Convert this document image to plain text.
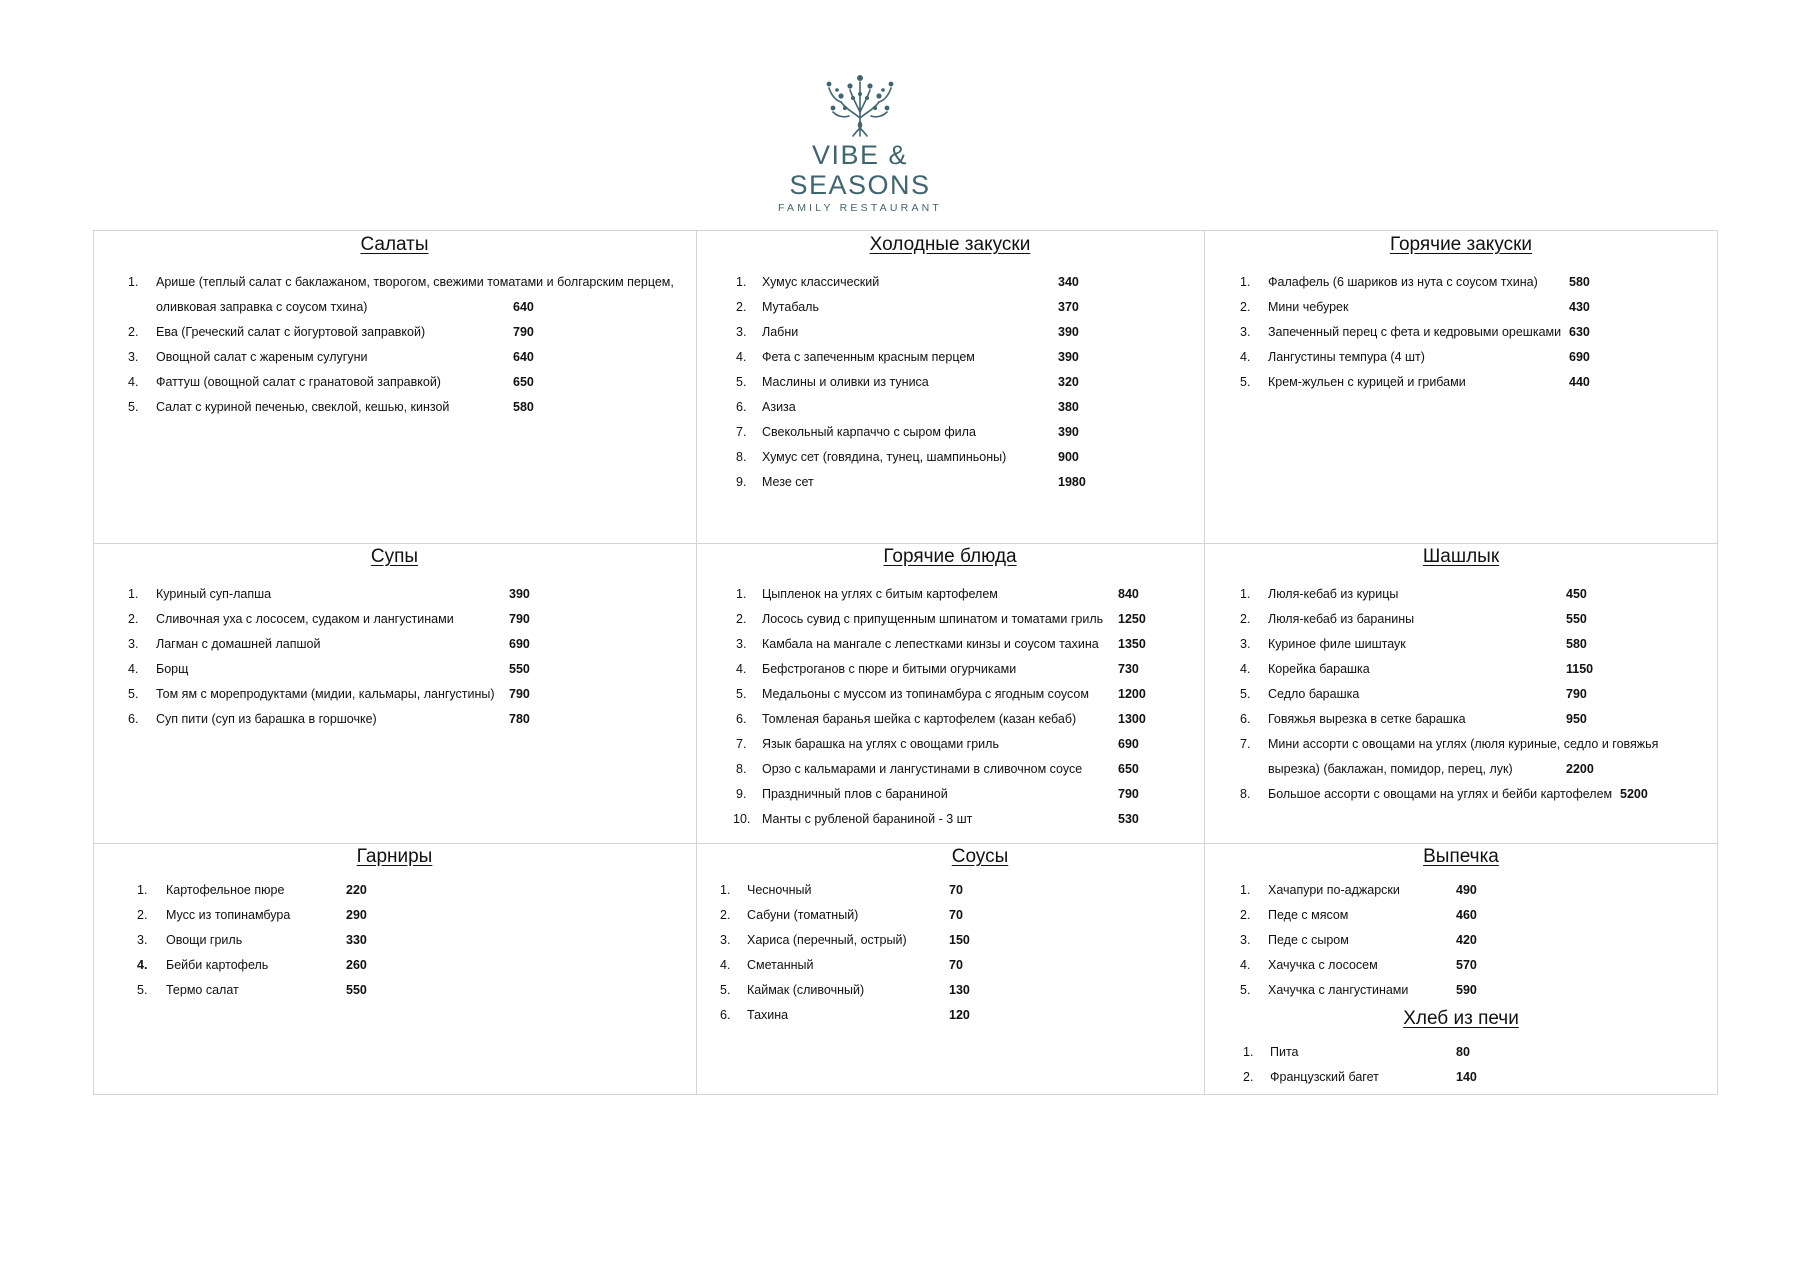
VIBE & SEASONS
FAMILY RESTAURANT
Салаты
1. Арише (теплый салат с баклажаном, творогом, свежими томатами и болгарским перцем,
оливковая заправка с соусом тхина)	640
2. Ева (Греческий салат с йогуртовой заправкой)	790
3. Овощной салат с жареным сулугуни	640
4. Фаттуш (овощной салат с гранатовой заправкой)	650
5. Салат с куриной печенью, свеклой, кешью, кинзой	580
Холодные закуски
1. Хумус классический	340
2. Мутабаль	370
3. Лабни	390
4. Фета с запеченным красным перцем	390
5. Маслины и оливки из туниса	320
6. Азиза	380
7. Свекольный карпаччо с сыром фила	390
8. Хумус сет (говядина, тунец, шампиньоны)	900
9. Мезе сет	1980
Горячие закуски
1. Фалафель (6 шариков из нута с соусом тхина)	580
2. Мини чебурек	430
3. Запеченный перец с фета и кедровыми орешками 630
4. Лангустины темпура (4 шт)	690
5. Крем-жульен с курицей и грибами	440
Супы
1. Куриный суп-лапша	390
2. Сливочная уха с лососем, судаком и лангустинами	790
3. Лагман с домашней лапшой	690
4. Борщ	550
5. Том ям с морепродуктами (мидии, кальмары, лангустины) 790
6. Суп пити (суп из барашка в горшочке)	780
Горячие блюда
1. Цыпленок на углях с битым картофелем	840
2. Лосось сувид с припущенным шпинатом и томатами гриль 1250
3. Камбала на мангале с лепестками кинзы и соусом тахина 1350
4. Бефстроганов с пюре и битыми огурчиками	730
5. Медальоны с муссом из топинамбура с ягодным соусом 1200
6. Томленая баранья шейка с картофелем (казан кебаб)	1300
7. Язык барашка на углях с овощами гриль	690
8. Орзо с кальмарами и лангустинами в сливочном соусе	650
9. Праздничный плов с бараниной	790
10. Манты с рубленой бараниной - 3 шт	530
Шашлык
1. Люля-кебаб из курицы	450
2. Люля-кебаб из баранины	550
3. Куриное филе шиштаук	580
4. Корейка барашка	1150
5. Седло барашка	790
6. Говяжья вырезка в сетке барашка	950
7. Мини ассорти с овощами на углях (люля куриные, седло и говяжья
вырезка) (баклажан, помидор, перец, лук)	2200
8. Большое ассорти с овощами на углях и бейби картофелем 5200
Гарниры
1. Картофельное пюре	220
2. Мусс из топинамбура	290
3. Овощи гриль	330
4. Бейби картофель	260
5. Термо салат	550
Соусы
1. Чесночный	70
2. Сабуни (томатный)	70
3. Хариса (перечный, острый)	150
4. Сметанный	70
5. Каймак (сливочный)	130
6. Тахина	120
Выпечка
1. Хачапури по-аджарски	490
2. Педе с мясом	460
3. Педе с сыром	420
4. Хачучка с лососем	570
5. Хачучка с лангустинами	590
Хлеб из печи
1. Пита	80
2. Французский багет	140
